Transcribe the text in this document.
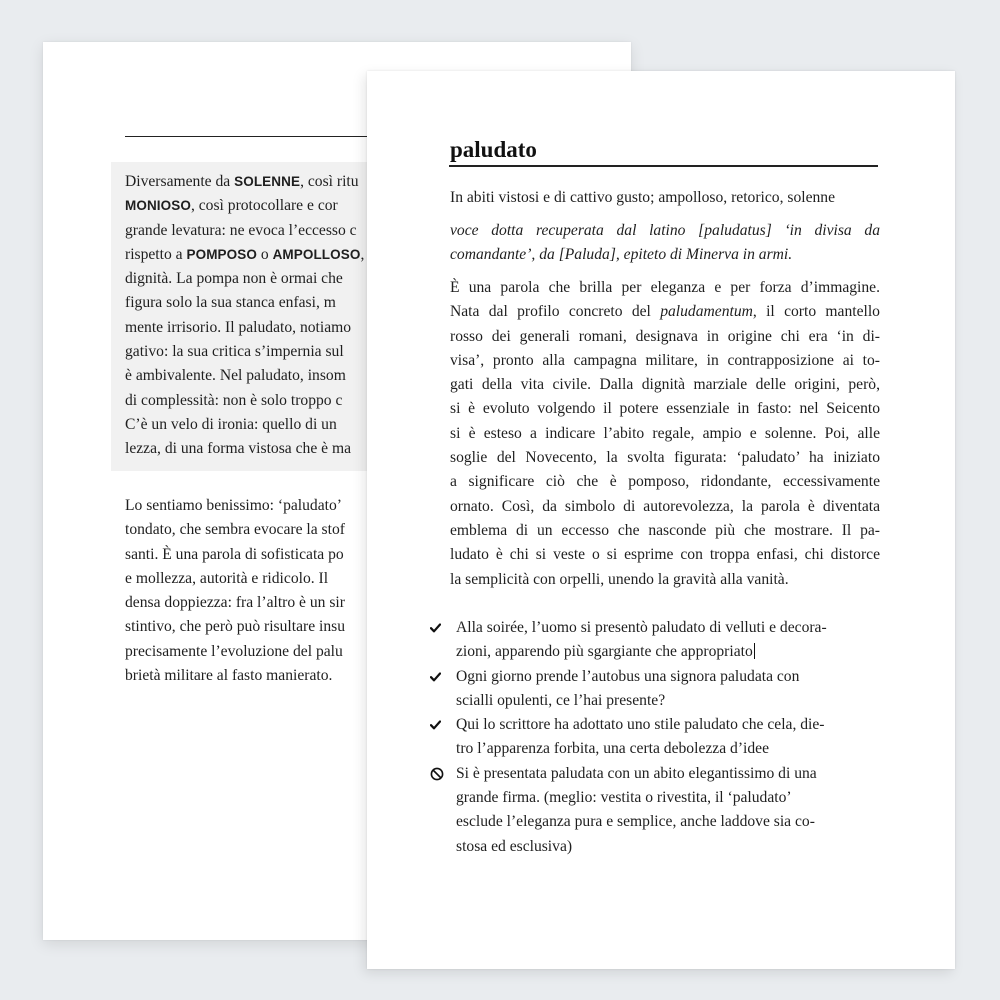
Diversamente da SOLENNE, così ritu
MONIOSO, così protocollare e cor
grande levatura: ne evoca l’eccesso c
rispetto a POMPOSO o AMPOLLOSO,
dignità. La pompa non è ormai che
figura solo la sua stanca enfasi, m
mente irrisorio. Il paludato, notiamo
gativo: la sua critica s’impernia sul
è ambivalente. Nel paludato, insom
di complessità: non è solo troppo c
C’è un velo di ironia: quello di un
lezza, di una forma vistosa che è ma
Lo sentiamo benissimo: ‘paludato’
tondato, che sembra evocare la stof
santi. È una parola di sofisticata po
e mollezza, autorità e ridicolo. Il
densa doppiezza: fra l’altro è un sir
stintivo, che però può risultare insu
precisamente l’evoluzione del palu
brietà militare al fasto manierato.
paludato
In abiti vistosi e di cattivo gusto; ampolloso, retorico, solenne
voce dotta recuperata dal latino [paludatus] ‘in divisa da
comandante’, da [Paluda], epiteto di Minerva in armi.
È una parola che brilla per eleganza e per forza d’immagine.
Nata dal profilo concreto del paludamentum, il corto mantello
rosso dei generali romani, designava in origine chi era ‘in di-
visa’, pronto alla campagna militare, in contrapposizione ai to-
gati della vita civile. Dalla dignità marziale delle origini, però,
si è evoluto volgendo il potere essenziale in fasto: nel Seicento
si è esteso a indicare l’abito regale, ampio e solenne. Poi, alle
soglie del Novecento, la svolta figurata: ‘paludato’ ha iniziato
a significare ciò che è pomposo, ridondante, eccessivamente
ornato. Così, da simbolo di autorevolezza, la parola è diventata
emblema di un eccesso che nasconde più che mostrare. Il pa-
ludato è chi si veste o si esprime con troppa enfasi, chi distorce
la semplicità con orpelli, unendo la gravità alla vanità.
Alla soirée, l’uomo si presentò paludato di velluti e decora-
zioni, apparendo più sgargiante che appropriato
Ogni giorno prende l’autobus una signora paludata con
scialli opulenti, ce l’hai presente?
Qui lo scrittore ha adottato uno stile paludato che cela, die-
tro l’apparenza forbita, una certa debolezza d’idee
Si è presentata paludata con un abito elegantissimo di una
grande firma. (meglio: vestita o rivestita, il ‘paludato’
esclude l’eleganza pura e semplice, anche laddove sia co-
stosa ed esclusiva)
